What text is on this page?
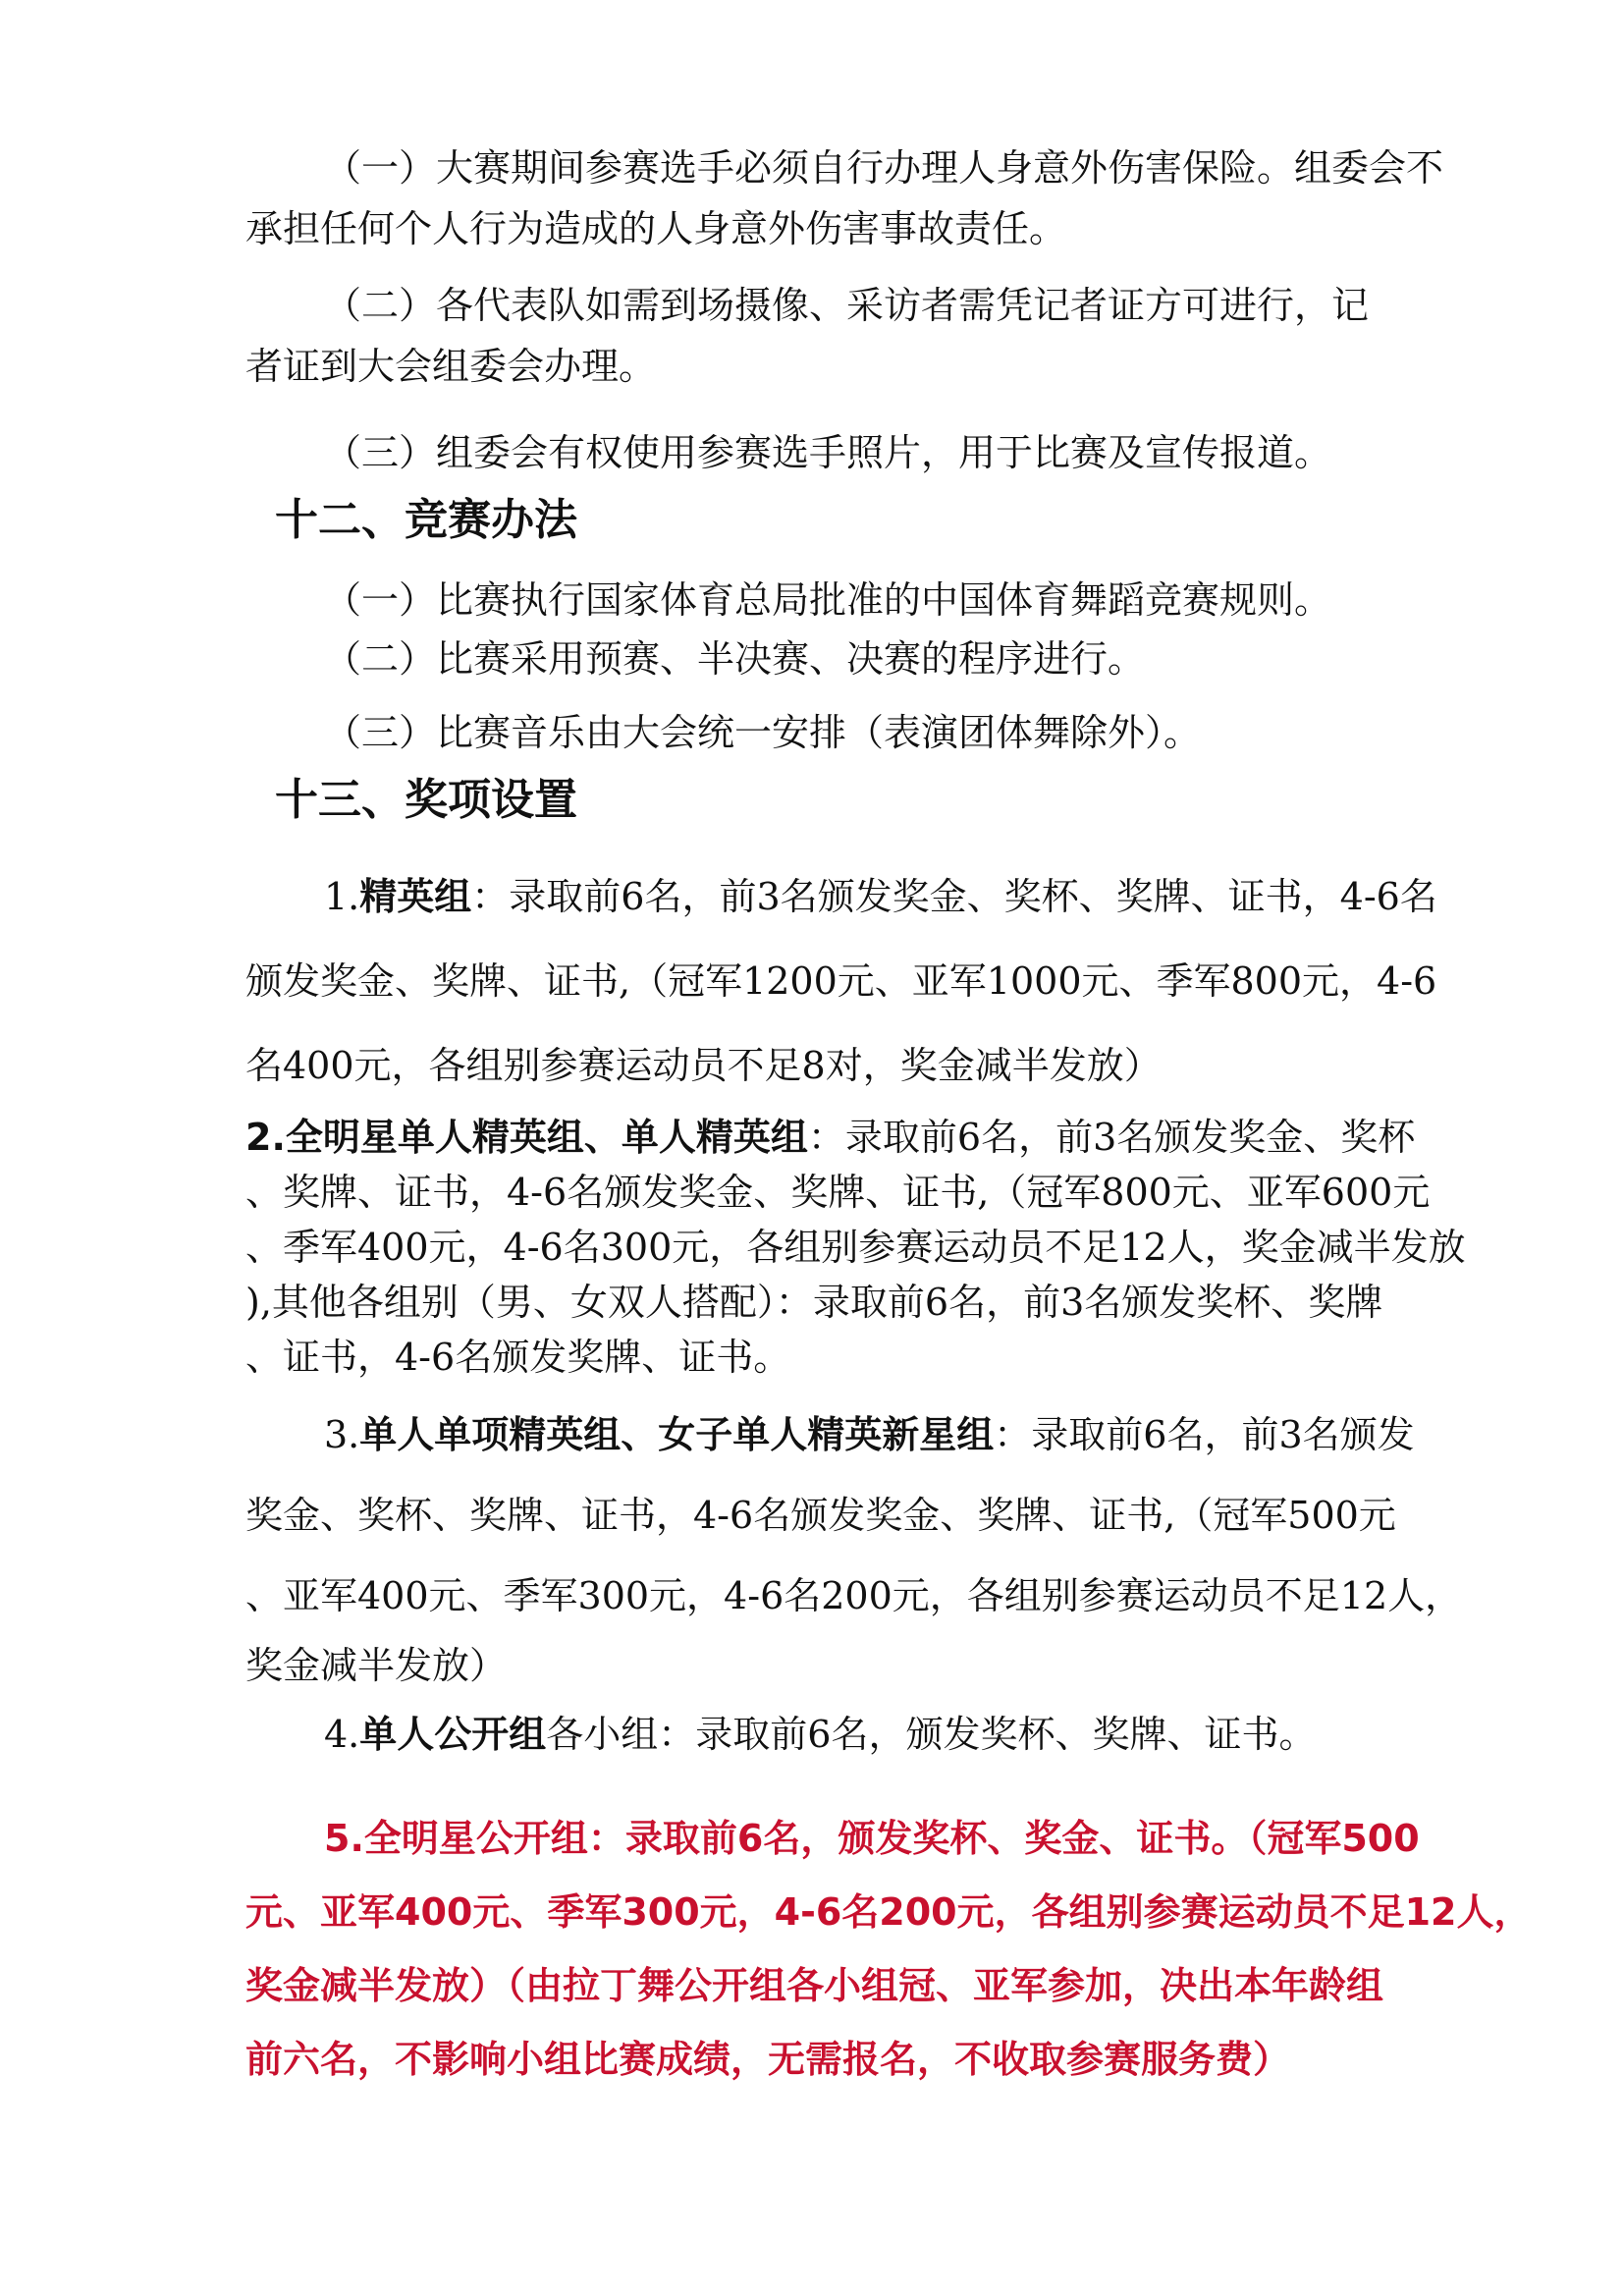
（一）大赛期间参赛选手必须自行办理人身意外伤害保险。组委会不
承担任何个人行为造成的人身意外伤害事故责任。

（二）各代表队如需到场摄像、采访者需凭记者证方可进行，记
者证到大会组委会办理。

（三）组委会有权使用参赛选手照片，用于比赛及宣传报道。

十二、竞赛办法

（一）比赛执行国家体育总局批准的中国体育舞蹈竞赛规则。

（二）比赛采用预赛、半决赛、决赛的程序进行。

（三）比赛音乐由大会统一安排（表演团体舞除外）。

十三、奖项设置
1.精英组：录取前6名，前3名颁发奖金、奖杯、奖牌、证书，4-6名
颁发奖金、奖牌、证书,（冠军1200元、亚军1000元、季军800元，4-6
名400元，各组别参赛运动员不足8对，奖金减半发放）
2.全明星单人精英组、单人精英组：录取前6名，前3名颁发奖金、奖杯
、奖牌、证书，4-6名颁发奖金、奖牌、证书,（冠军800元、亚军600元
、季军400元，4-6名300元，各组别参赛运动员不足12人，奖金减半发放
),其他各组别（男、女双人搭配）：录取前6名，前3名颁发奖杯、奖牌
、证书，4-6名颁发奖牌、证书。
3.单人单项精英组、女子单人精英新星组：录取前6名，前3名颁发
奖金、奖杯、奖牌、证书，4-6名颁发奖金、奖牌、证书,（冠军500元
、亚军400元、季军300元，4-6名200元，各组别参赛运动员不足12人，
奖金减半发放）

4.单人公开组各小组：录取前6名，颁发奖杯、奖牌、证书。

5.全明星公开组：录取前6名，颁发奖杯、奖金、证书。（冠军500
元、亚军400元、季军300元，4-6名200元，各组别参赛运动员不足12人，
奖金减半发放）（由拉丁舞公开组各小组冠、亚军参加，决出本年龄组
前六名，不影响小组比赛成绩，无需报名，不收取参赛服务费）
